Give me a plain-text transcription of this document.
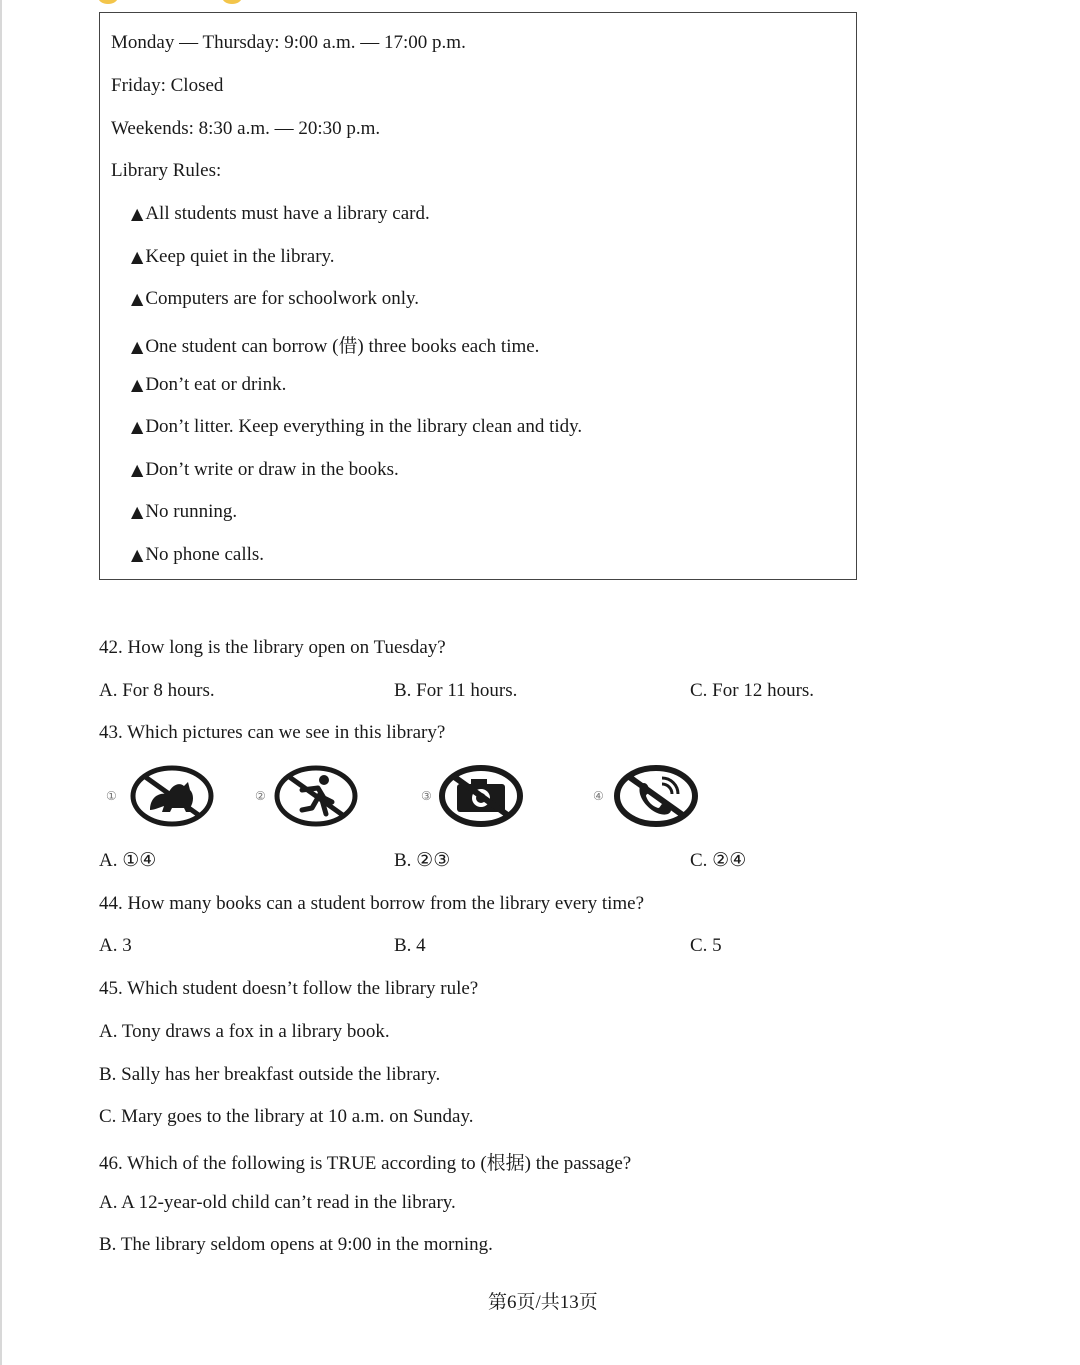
Monday — Thursday: 9:00 a.m. — 17:00 p.m.
Friday: Closed
Weekends: 8:30 a.m. — 20:30 p.m.
Library Rules:
▲ All students must have a library card.
▲ Keep quiet in the library.
▲ Computers are for schoolwork only.
▲ One student can borrow (借) three books each time.
▲ Don’t eat or drink.
▲ Don’t litter. Keep everything in the library clean and tidy.
▲ Don’t write or draw in the books.
▲ No running.
▲ No phone calls.
42. How long is the library open on Tuesday?
A. For 8 hours.	B. For 11 hours.	C. For 12 hours.
43. Which pictures can we see in this library?
①	②	③	④
A. ①④	B. ②③	C. ②④
44. How many books can a student borrow from the library every time?
A. 3	B. 4	C. 5
45. Which student doesn’t follow the library rule?
A. Tony draws a fox in a library book.
B. Sally has her breakfast outside the library.
C. Mary goes to the library at 10 a.m. on Sunday.
46. Which of the following is TRUE according to (根据) the passage?
A. A 12-year-old child can’t read in the library.
B. The library seldom opens at 9:00 in the morning.
第6页/共13页
